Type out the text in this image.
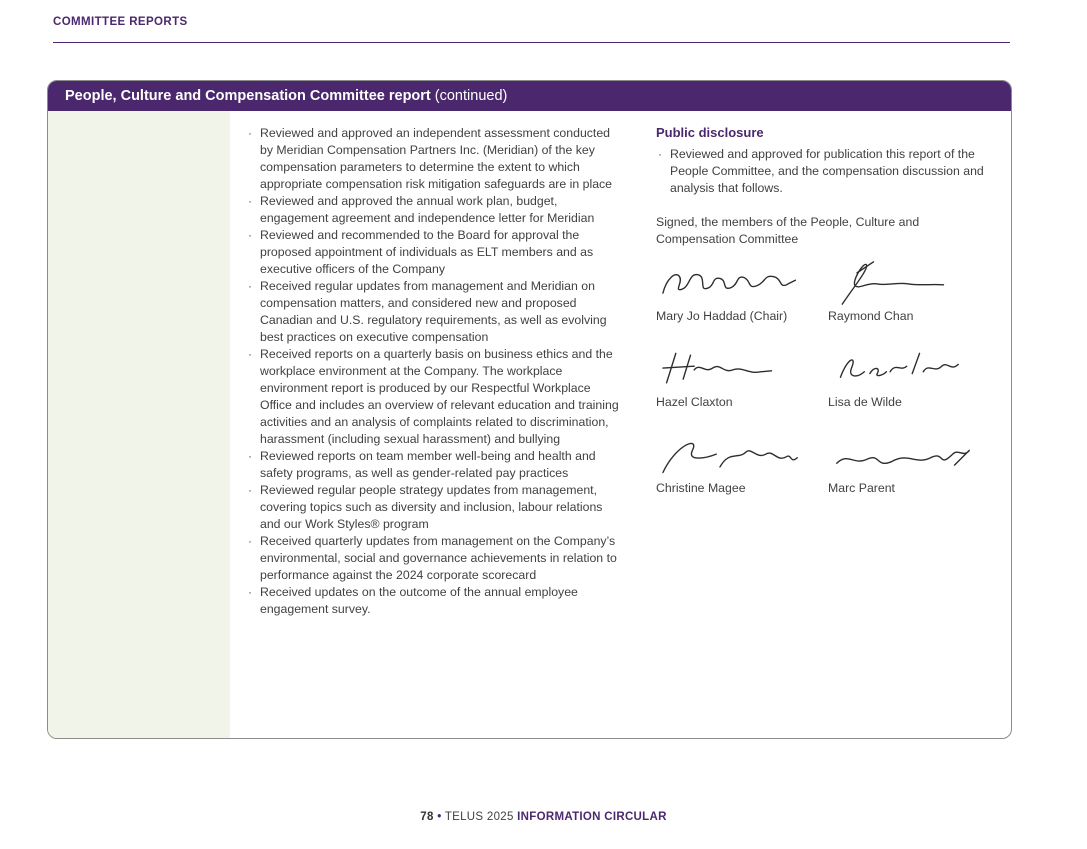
COMMITTEE REPORTS
People, Culture and Compensation Committee report (continued)
· Reviewed and approved an independent assessment conducted by Meridian Compensation Partners Inc. (Meridian) of the key compensation parameters to determine the extent to which appropriate compensation risk mitigation safeguards are in place
· Reviewed and approved the annual work plan, budget, engagement agreement and independence letter for Meridian
· Reviewed and recommended to the Board for approval the proposed appointment of individuals as ELT members and as executive officers of the Company
· Received regular updates from management and Meridian on compensation matters, and considered new and proposed Canadian and U.S. regulatory requirements, as well as evolving best practices on executive compensation
· Received reports on a quarterly basis on business ethics and the workplace environment at the Company. The workplace environment report is produced by our Respectful Workplace Office and includes an overview of relevant education and training activities and an analysis of complaints related to discrimination, harassment (including sexual harassment) and bullying
· Reviewed reports on team member well-being and health and safety programs, as well as gender-related pay practices
· Reviewed regular people strategy updates from management, covering topics such as diversity and inclusion, labour relations and our Work Styles® program
· Received quarterly updates from management on the Company’s environmental, social and governance achievements in relation to performance against the 2024 corporate scorecard
· Received updates on the outcome of the annual employee engagement survey.
Public disclosure
· Reviewed and approved for publication this report of the People Committee, and the compensation discussion and analysis that follows.

Signed, the members of the People, Culture and Compensation Committee

Mary Jo Haddad (Chair)	Raymond Chan
Hazel Claxton	Lisa de Wilde
Christine Magee	Marc Parent
78 • TELUS 2025 INFORMATION CIRCULAR
